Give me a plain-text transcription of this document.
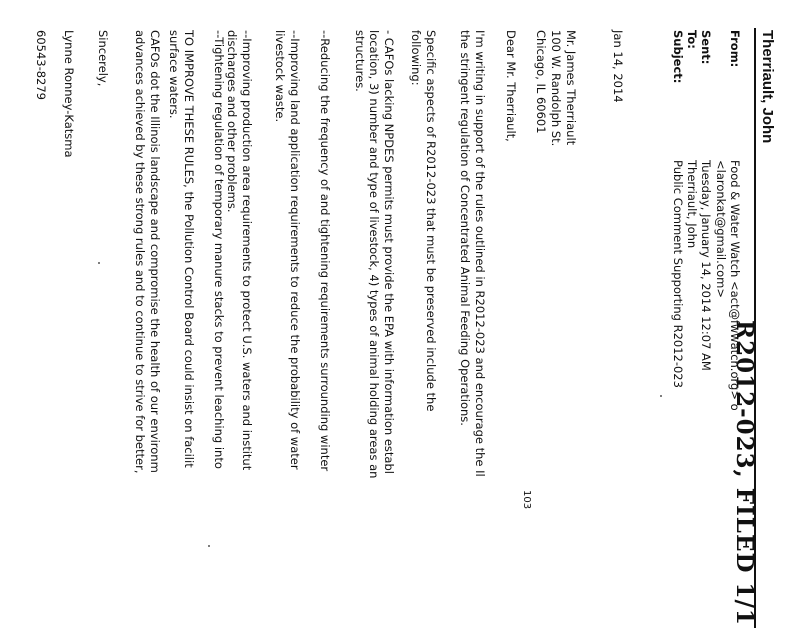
R2012-023, FILED 1/1
Therriault, John
From:
Food & Water Watch <act@fwwatch.org> o
<laronkat@gmail.com>
Sent:
Tuesday, January 14, 2014 12:07 AM
To:
Therriault, John
Subject:
Public Comment Supporting R2012-023
Jan 14, 2014
Mr. James Therriault
100 W. Randolph St.
Chicago, IL 60601
Dear Mr. Therriault,
I'm writing in support of the rules outlined in R2012-023 and encourage the Il
the stringent regulation of Concentrated Animal Feeding Operations.
Specific aspects of R2012-023 that must be preserved include the
following:
- CAFOs lacking NPDES permits must provide the EPA with information establ
location, 3) number and type of livestock, 4) types of animal holding areas an
structures.
--Reducing the frequency of and tightening requirements surrounding winter
--Improving land application requirements to reduce the probability of water
livestock waste.
--Improving production area requirements to protect U.S. waters and institut
discharges and other problems.
--Tightening regulation of temporary manure stacks to prevent leaching into
TO IMPROVE THESE RULES, the Pollution Control Board could insist on facilit
surface waters.
CAFOs dot the Illinois landscape and compromise the health of our environm
advances achieved by these strong rules and to continue to strive for better,
Sincerely,
Lynne Ronney-Katsma
60543-8279
103
